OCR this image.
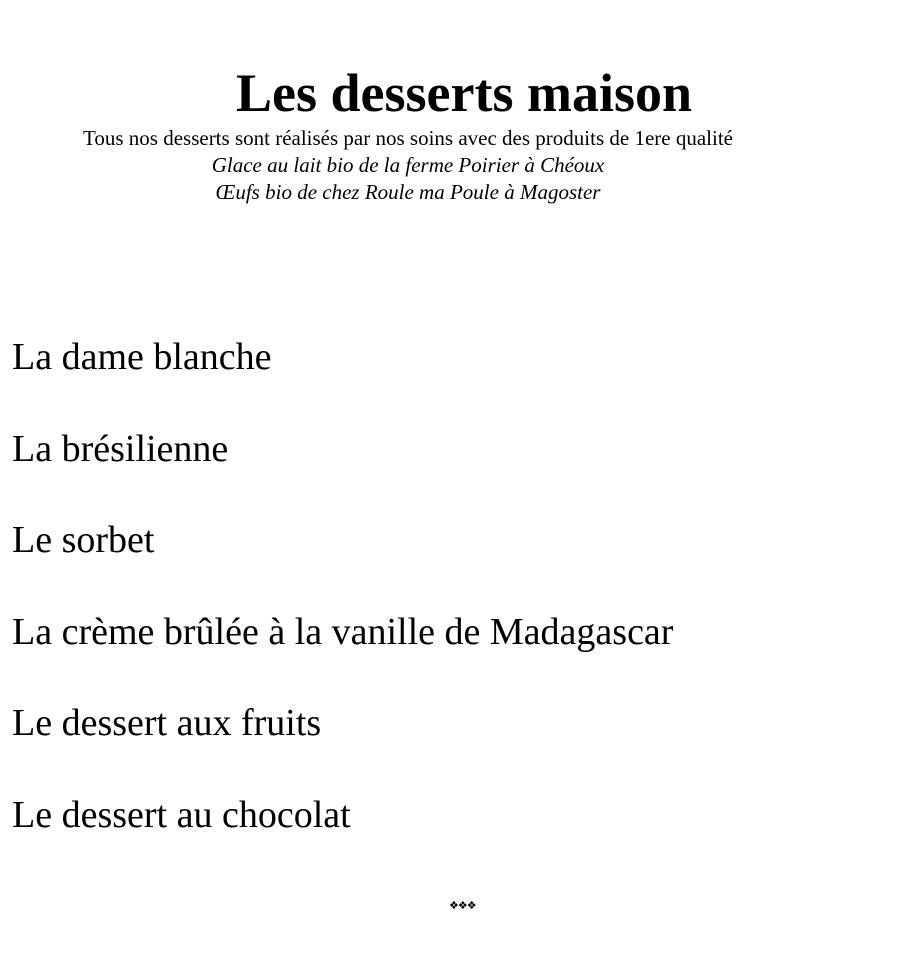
Les desserts maison
Tous nos desserts sont réalisés par nos soins avec des produits de 1ere qualité
Glace au lait bio de la ferme Poirier à Chéoux
Œufs bio de chez Roule ma Poule à Magoster
La dame blanche
La brésilienne
Le sorbet
La crème brûlée à la vanille de Madagascar
Le dessert aux fruits
Le dessert au chocolat
❖❖❖
